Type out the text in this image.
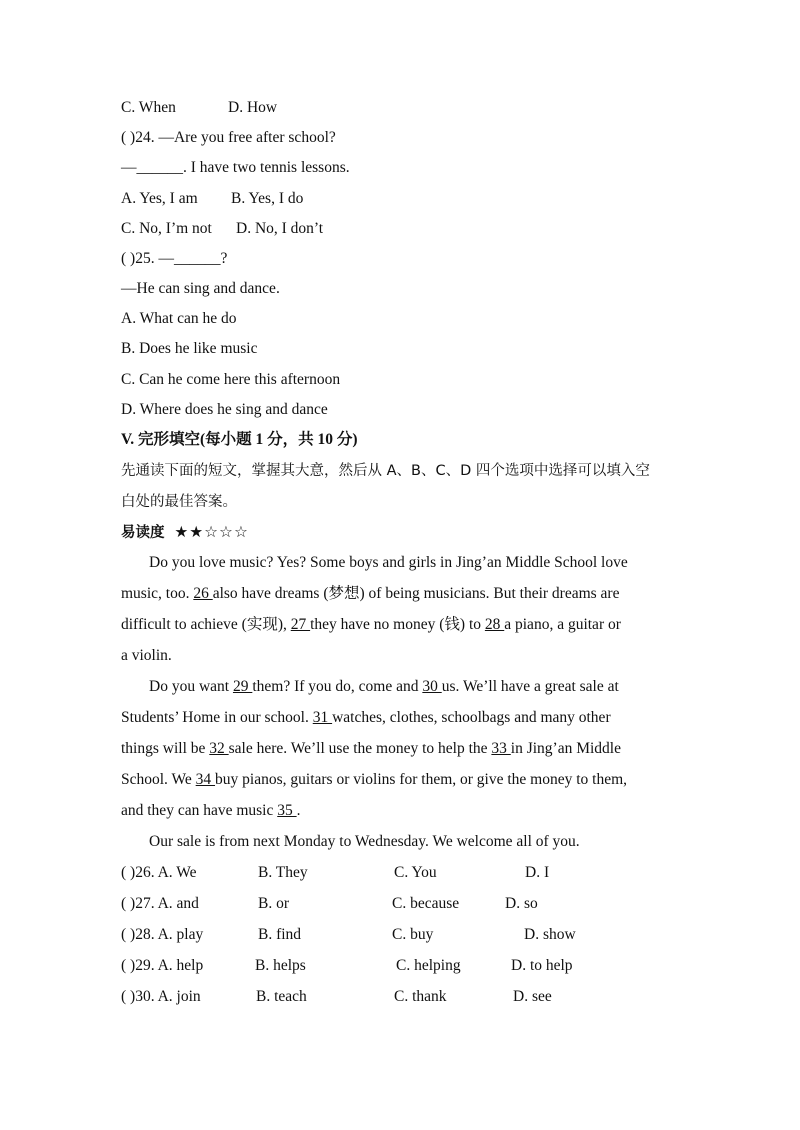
C. When	D. How
( )24. —Are you free after school?
—______. I have two tennis lessons.
A. Yes, I am B. Yes, I do
C. No, I’m not D. No, I don’t
( )25. —______?
—He can sing and dance.
A. What can he do
B. Does he like music
C. Can he come here this afternoon
D. Where does he sing and dance
V. 完形填空(每小题 1 分，共 10 分)
先通读下面的短文，掌握其大意，然后从 A、B、C、D 四个选项中选择可以填入空
白处的最佳答案。
易读度 ★★☆☆☆
Do you love music? Yes? Some boys and girls in Jing’an Middle School love
music, too. 26 also have dreams (梦想) of being musicians. But their dreams are
difficult to achieve (实现), 27 they have no money (钱) to 28 a piano, a guitar or
a violin.
Do you want 29 them? If you do, come and 30 us. We’ll have a great sale at
Students’ Home in our school. 31 watches, clothes, schoolbags and many other
things will be 32 sale here. We’ll use the money to help the 33 in Jing’an Middle
School. We 34 buy pianos, guitars or violins for them, or give the money to them,
and they can have music 35 .
Our sale is from next Monday to Wednesday. We welcome all of you.
( )26. A. We	B. They	C. You	D. I
( )27. A. and	B. or	C. because	D. so
( )28. A. play	B. find	C. buy	D. show
( )29. A. help	B. helps	C. helping	D. to help
( )30. A. join	B. teach	C. thank	D. see
